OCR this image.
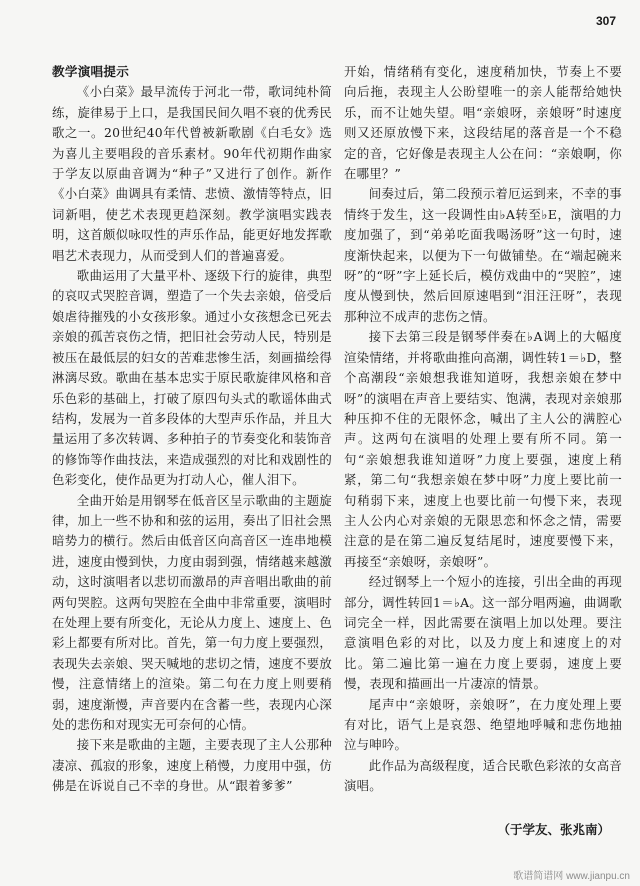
307

教学演唱提示

《小白菜》最早流传于河北一带，歌词纯朴简练，旋律易于上口，是我国民间久唱不衰的优秀民歌之一。20世纪40年代曾被新歌剧《白毛女》选为喜儿主要唱段的音乐素材。90年代初期作曲家于学友以原曲音调为“种子”又进行了创作。新作《小白菜》曲调具有柔情、悲愤、激情等特点，旧词新唱，使艺术表现更趋深刻。教学演唱实践表明，这首颇似咏叹性的声乐作品，能更好地发挥歌唱艺术表现力，从而受到人们的普遍喜爱。

歌曲运用了大量平朴、逐级下行的旋律，典型的哀叹式哭腔音调，塑造了一个失去亲娘，倍受后娘虐待摧残的小女孩形象。通过小女孩想念已死去亲娘的孤苦哀伤之情，把旧社会劳动人民，特别是被压在最低层的妇女的苦难悲惨生活，刻画描绘得淋漓尽致。歌曲在基本忠实于原民歌旋律风格和音乐色彩的基础上，打破了原四句头式的歌谣体曲式结构，发展为一首多段体的大型声乐作品，并且大量运用了多次转调、多种拍子的节奏变化和装饰音的修饰等作曲技法，来造成强烈的对比和戏剧性的色彩变化，使作品更为打动人心，催人泪下。

全曲开始是用钢琴在低音区呈示歌曲的主题旋律，加上一些不协和和弦的运用，奏出了旧社会黑暗势力的横行。然后由低音区向高音区一连串地模进，速度由慢到快，力度由弱到强，情绪越来越激动，这时演唱者以悲切而激昂的声音唱出歌曲的前两句哭腔。这两句哭腔在全曲中非常重要，演唱时在处理上要有所变化，无论从力度上、速度上、色彩上都要有所对比。首先，第一句力度上要强烈，表现失去亲娘、哭天喊地的悲切之情，速度不要放慢，注意情绪上的渲染。第二句在力度上则要稍弱，速度渐慢，声音要内在含蓄一些，表现内心深处的悲伤和对现实无可奈何的心情。

接下来是歌曲的主题，主要表现了主人公那种凄凉、孤寂的形象，速度上稍慢，力度用中强，仿佛是在诉说自己不幸的身世。从“跟着爹爹”

开始，情绪稍有变化，速度稍加快，节奏上不要向后拖，表现主人公盼望唯一的亲人能帮给她快乐，而不让她失望。唱“亲娘呀，亲娘呀”时速度则又还原放慢下来，这段结尾的落音是一个不稳定的音，它好像是表现主人公在问：“亲娘啊，你在哪里？”

间奏过后，第二段预示着厄运到来，不幸的事情终于发生，这一段调性由♭A转至♭E，演唱的力度加强了，到“弟弟吃面我喝汤呀”这一句时，速度渐快起来，以便为下一句做铺垫。在“端起碗来呀”的“呀”字上延长后，模仿戏曲中的“哭腔”，速度从慢到快，然后回原速唱到“泪汪汪呀”，表现那种泣不成声的悲伤之情。

接下去第三段是钢琴伴奏在♭A调上的大幅度渲染情绪，并将歌曲推向高潮，调性转1＝♭D，整个高潮段“亲娘想我谁知道呀，我想亲娘在梦中呀”的演唱在声音上要结实、饱满，表现对亲娘那种压抑不住的无限怀念，喊出了主人公的满腔心声。这两句在演唱的处理上要有所不同。第一句“亲娘想我谁知道呀”力度上要强，速度上稍紧，第二句“我想亲娘在梦中呀”力度上要比前一句稍弱下来，速度上也要比前一句慢下来，表现主人公内心对亲娘的无限思恋和怀念之情，需要注意的是在第二遍反复结尾时，速度要慢下来，再接至“亲娘呀，亲娘呀”。

经过钢琴上一个短小的连接，引出全曲的再现部分，调性转回1＝♭A。这一部分唱两遍，曲调歌词完全一样，因此需要在演唱上加以处理。要注意演唱色彩的对比，以及力度上和速度上的对比。第二遍比第一遍在力度上要弱，速度上要慢，表现和描画出一片凄凉的情景。

尾声中“亲娘呀，亲娘呀”，在力度处理上要有对比，语气上是哀怨、绝望地呼喊和悲伤地抽泣与呻吟。

此作品为高级程度，适合民歌色彩浓的女高音演唱。

（于学友、张兆南）
歌谱简谱网 www.jianpu.cn
